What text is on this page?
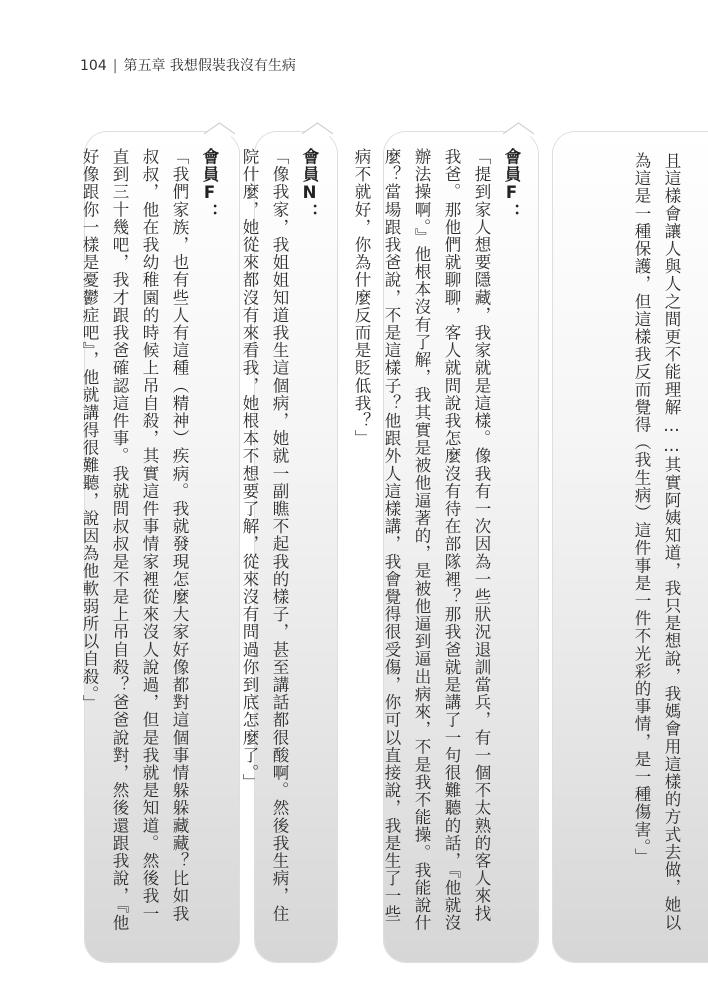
104 | 第五章 我想假裝我沒有生病
且這樣會讓人與人之間更不能理解……其實阿姨知道，我只是想說，我媽會用這樣的方式去做，她以為這是一種保護，但這樣我反而覺得（我生病）這件事是一件不光彩的事情，是一種傷害。」
會員F：
「提到家人想要隱藏，我家就是這樣。像我有一次因為一些狀況退訓當兵，有一個不太熟的客人來找我爸。那他們就聊聊，客人就問說我怎麼沒有待在部隊裡？那我爸就是講了一句很難聽的話，『他就沒辦法操啊。』他根本沒有了解，我其實是被他逼著的，是被他逼到逼出病來，不是我不能操。我能說什麼？當場跟我爸說，不是這樣子？他跟外人這樣講，我會覺得很受傷，你可以直接說，我是生了一些病不就好，你為什麼反而是貶低我？」
會員N：
「像我家，我姐姐知道我生這個病，她就一副瞧不起我的樣子，甚至講話都很酸啊。然後我生病，住院什麼，她從來都沒有來看我，她根本不想要了解，從來沒有問過你到底怎麼了。」
會員F：
「我們家族，也有些人有這種（精神）疾病。我就發現怎麼大家好像都對這個事情躲躲藏藏？比如我叔叔，他在我幼稚園的時候上吊自殺，其實這件事情家裡從來沒人說過，但是我就是知道。然後我一直到三十幾吧，我才跟我爸確認這件事。我就問叔叔是不是上吊自殺？爸爸說對，然後還跟我說，『他好像跟你一樣是憂鬱症吧』，他就講得很難聽，說因為他軟弱所以自殺。」
